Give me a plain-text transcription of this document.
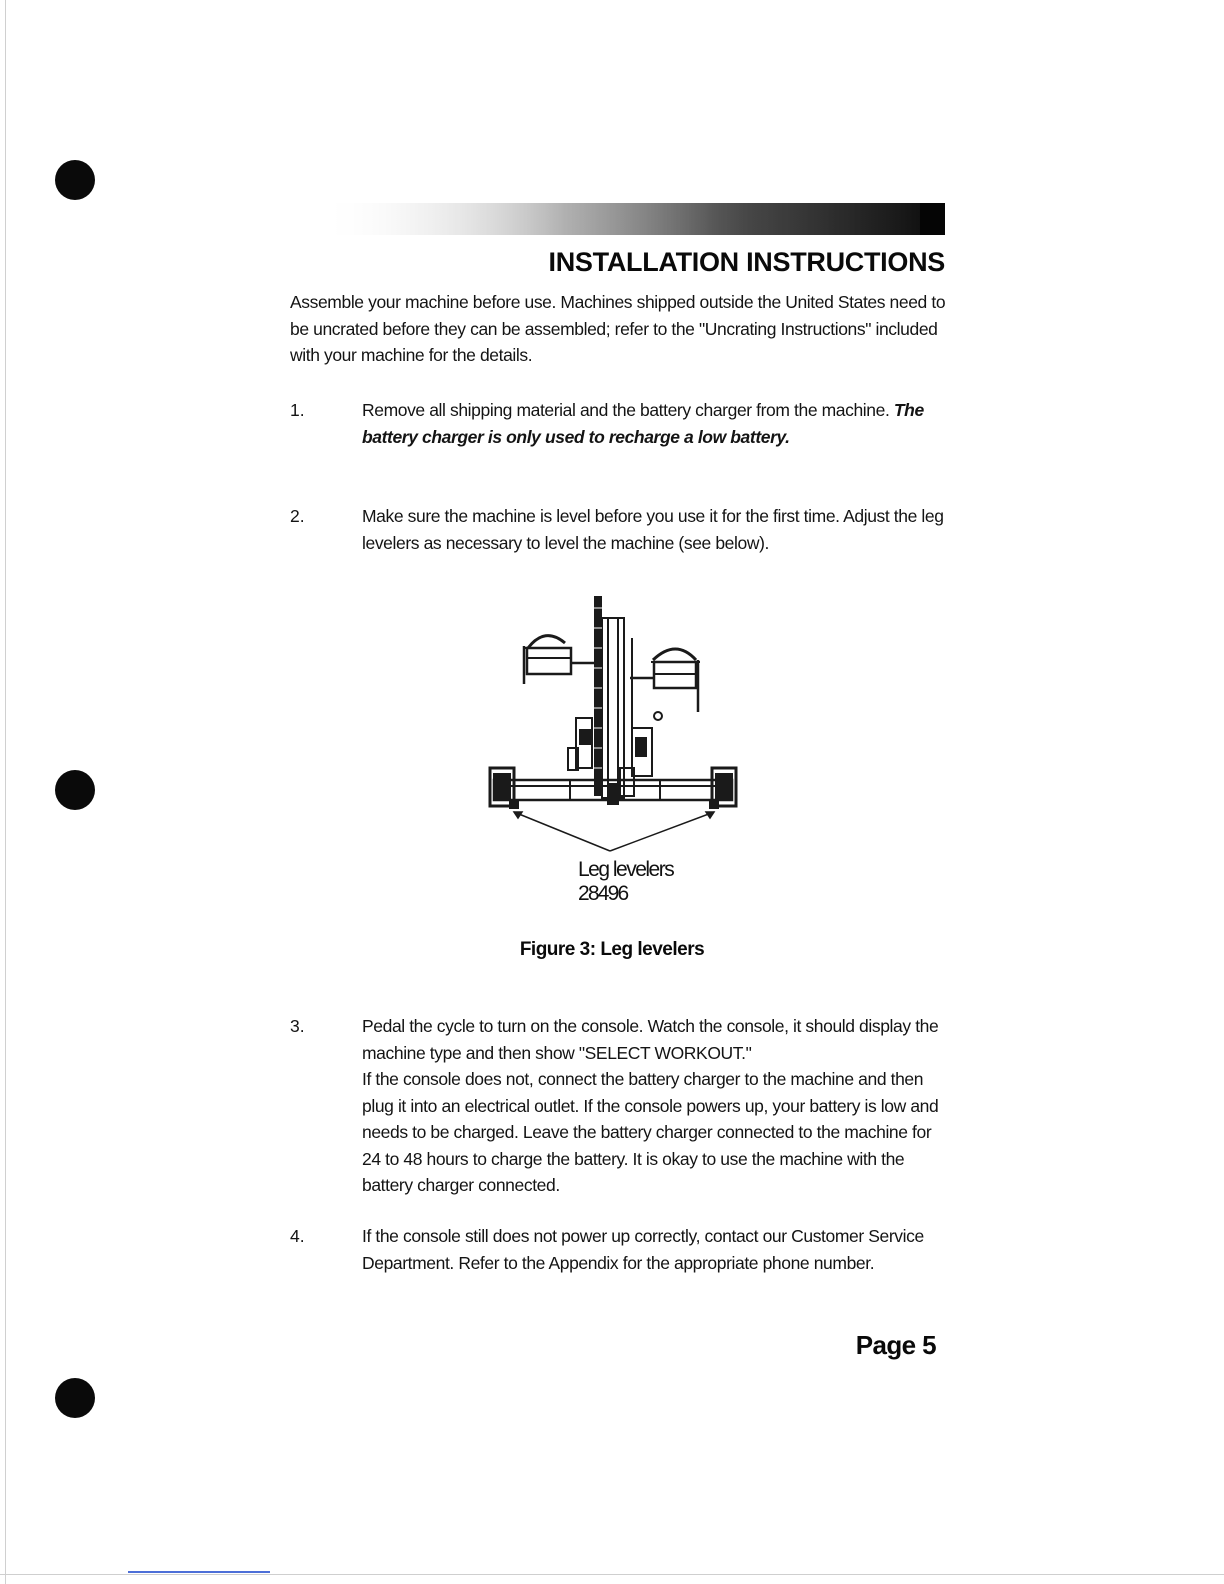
INSTALLATION INSTRUCTIONS

Assemble your machine before use. Machines shipped outside the United States need to be uncrated before they can be assembled; refer to the "Uncrating Instructions" included with your machine for the details.

1.	Remove all shipping material and the battery charger from the machine. The battery charger is only used to recharge a low battery.

2.	Make sure the machine is level before you use it for the first time. Adjust the leg levelers as necessary to level the machine (see below).

Leg levelers
28496
Figure 3: Leg levelers
3.	Pedal the cycle to turn on the console. Watch the console, it should display the machine type and then show "SELECT WORKOUT."

If the console does not, connect the battery charger to the machine and then plug it into an electrical outlet. If the console powers up, your battery is low and needs to be charged. Leave the battery charger connected to the machine for 24 to 48 hours to charge the battery. It is okay to use the machine with the battery charger connected.

4.	If the console still does not power up correctly, contact our Customer Service Department. Refer to the Appendix for the appropriate phone number.

Page 5
